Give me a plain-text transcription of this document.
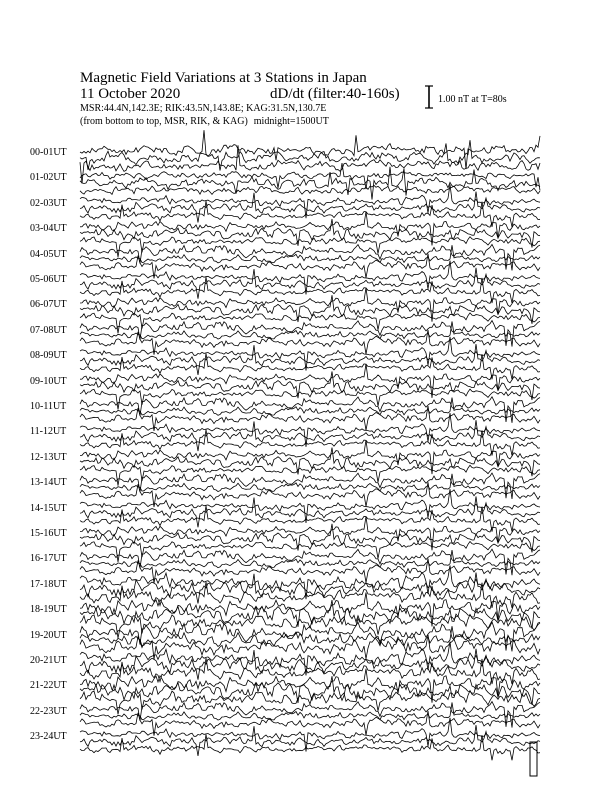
Magnetic Field Variations at 3 Stations in Japan
11 October 2020	dD/dt (filter:40-160s)
MSR:44.4N,142.3E; RIK:43.5N,143.8E; KAG:31.5N,130.7E
(from bottom to top, MSR, RIK, & KAG) midnight=1500UT
1.00 nT at T=80s
00-01UT
01-02UT
02-03UT
03-04UT
04-05UT
05-06UT
06-07UT
07-08UT
08-09UT
09-10UT
10-11UT
11-12UT
12-13UT
13-14UT
14-15UT
15-16UT
16-17UT
17-18UT
18-19UT
19-20UT
20-21UT
21-22UT
22-23UT
23-24UT
